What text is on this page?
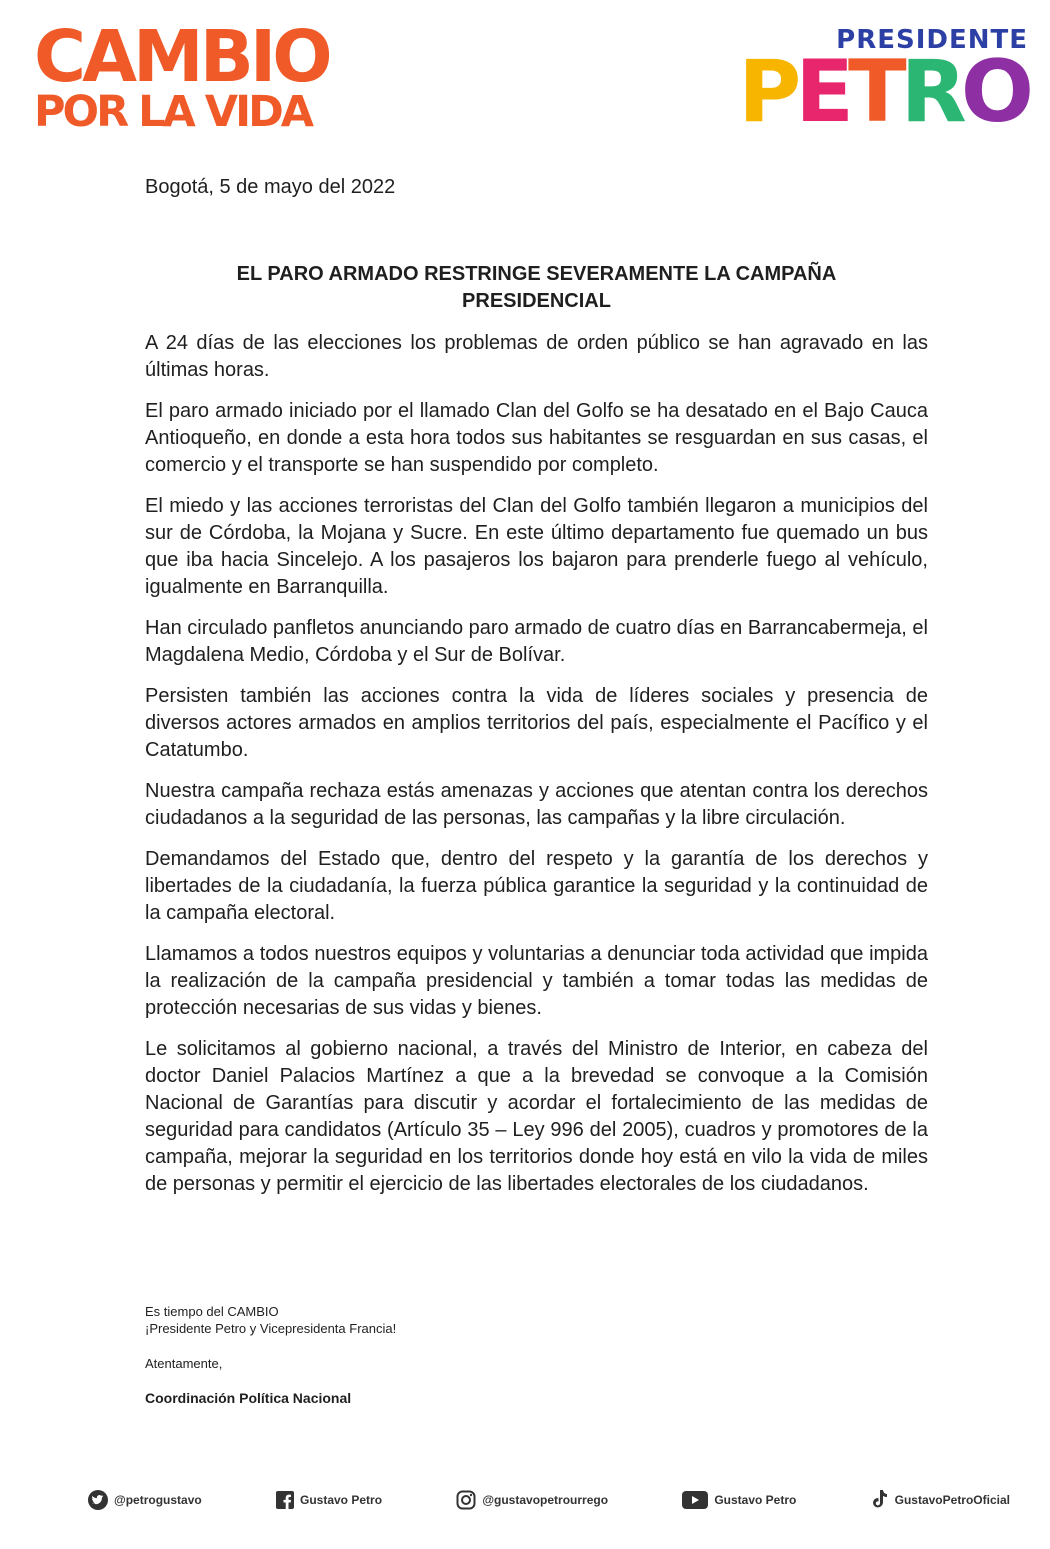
CAMBIO
POR LA VIDA
PRESIDENTE
P E T R O
Bogotá, 5 de mayo del 2022
EL PARO ARMADO RESTRINGE SEVERAMENTE LA CAMPAÑA
PRESIDENCIAL

A 24 días de las elecciones los problemas de orden público se han agravado en las últimas horas.

El paro armado iniciado por el llamado Clan del Golfo se ha desatado en el Bajo Cauca Antioqueño, en donde a esta hora todos sus habitantes se resguardan en sus casas, el comercio y el transporte se han suspendido por completo.

El miedo y las acciones terroristas del Clan del Golfo también llegaron a municipios del sur de Córdoba, la Mojana y Sucre. En este último departamento fue quemado un bus que iba hacia Sincelejo. A los pasajeros los bajaron para prenderle fuego al vehículo, igualmente en Barranquilla.

Han circulado panfletos anunciando paro armado de cuatro días en Barrancabermeja, el Magdalena Medio, Córdoba y el Sur de Bolívar.

Persisten también las acciones contra la vida de líderes sociales y presencia de diversos actores armados en amplios territorios del país, especialmente el Pacífico y el Catatumbo.

Nuestra campaña rechaza estás amenazas y acciones que atentan contra los derechos ciudadanos a la seguridad de las personas, las campañas y la libre circulación.

Demandamos del Estado que, dentro del respeto y la garantía de los derechos y libertades de la ciudadanía, la fuerza pública garantice la seguridad y la continuidad de la campaña electoral.

Llamamos a todos nuestros equipos y voluntarias a denunciar toda actividad que impida la realización de la campaña presidencial y también a tomar todas las medidas de protección necesarias de sus vidas y bienes.

Le solicitamos al gobierno nacional, a través del Ministro de Interior, en cabeza del doctor Daniel Palacios Martínez a que a la brevedad se convoque a la Comisión Nacional de Garantías para discutir y acordar el fortalecimiento de las medidas de seguridad para candidatos (Artículo 35 – Ley 996 del 2005), cuadros y promotores de la campaña, mejorar la seguridad en los territorios donde hoy está en vilo la vida de miles de personas y permitir el ejercicio de las libertades electorales de los ciudadanos.

Es tiempo del CAMBIO
¡Presidente Petro y Vicepresidenta Francia!
Atentamente,
Coordinación Política Nacional
@petrogustavo	Gustavo Petro	@gustavopetrourrego	Gustavo Petro	GustavoPetroOficial
